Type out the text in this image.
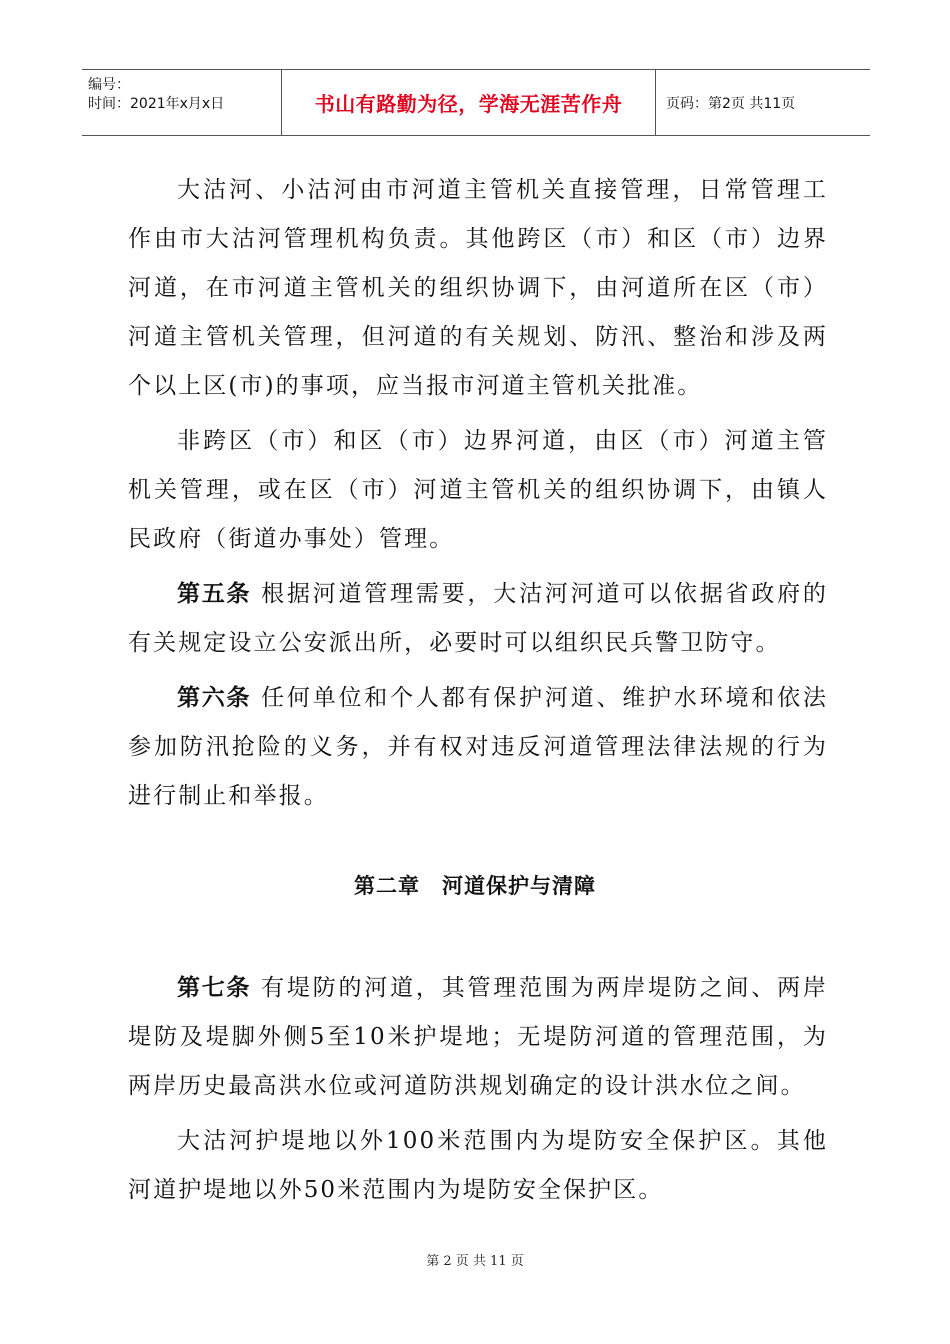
编号：
时间：2021年x月x日	书山有路勤为径，学海无涯苦作舟	页码：第2页 共11页

大沽河、小沽河由市河道主管机关直接管理，日常管理工作由市大沽河管理机构负责。其他跨区（市）和区（市）边界河道，在市河道主管机关的组织协调下，由河道所在区（市）河道主管机关管理，但河道的有关规划、防汛、整治和涉及两个以上区(市)的事项，应当报市河道主管机关批准。

非跨区（市）和区（市）边界河道，由区（市）河道主管机关管理，或在区（市）河道主管机关的组织协调下，由镇人民政府（街道办事处）管理。

第五条 根据河道管理需要，大沽河河道可以依据省政府的有关规定设立公安派出所，必要时可以组织民兵警卫防守。

第六条 任何单位和个人都有保护河道、维护水环境和依法参加防汛抢险的义务，并有权对违反河道管理法律法规的行为进行制止和举报。

第二章 河道保护与清障

第七条 有堤防的河道，其管理范围为两岸堤防之间、两岸堤防及堤脚外侧5至10米护堤地；无堤防河道的管理范围，为两岸历史最高洪水位或河道防洪规划确定的设计洪水位之间。

大沽河护堤地以外100米范围内为堤防安全保护区。其他河道护堤地以外50米范围内为堤防安全保护区。

第 2 页 共 11 页
